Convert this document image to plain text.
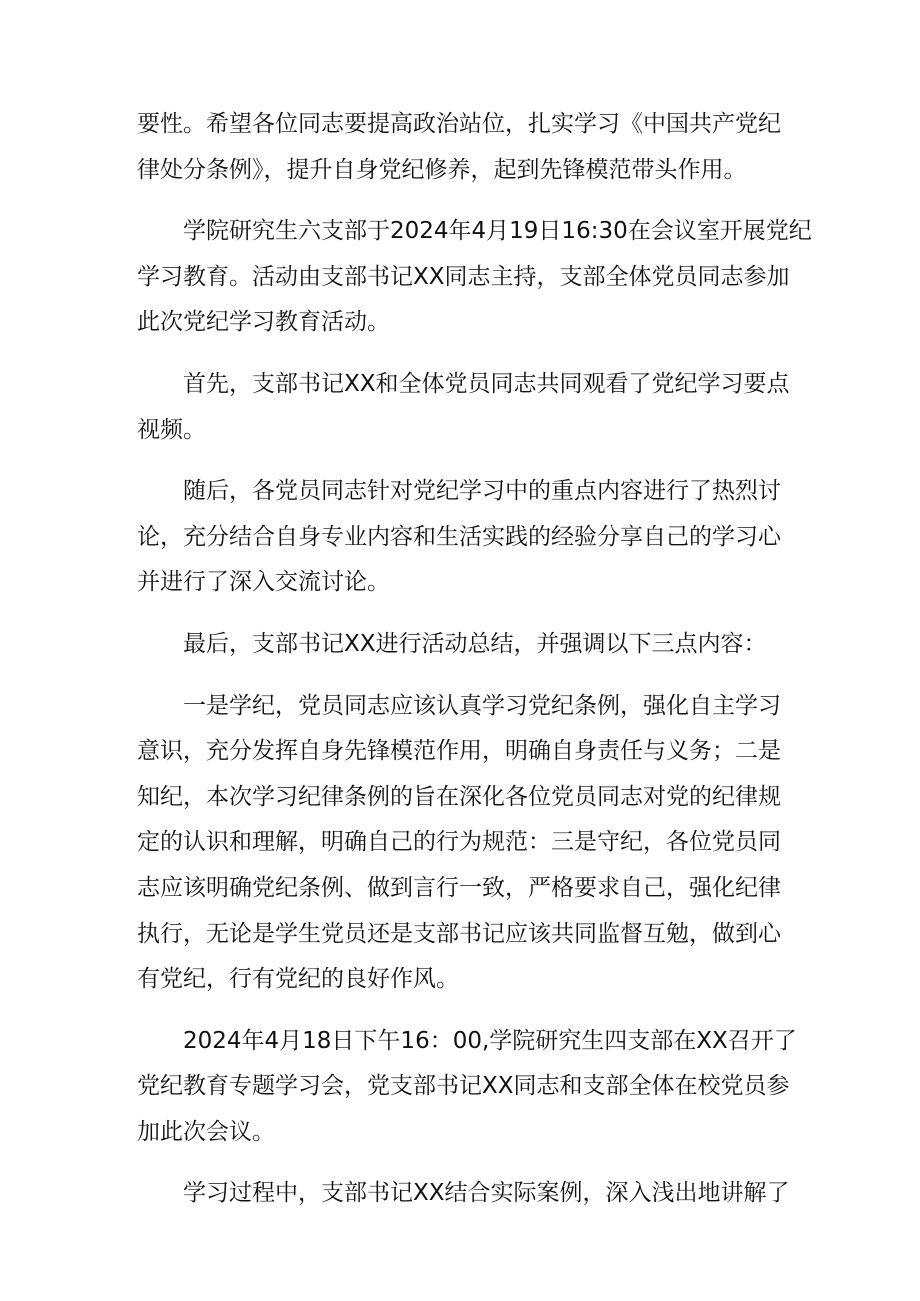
要性。希望各位同志要提高政治站位，扎实学习《中国共产党纪
律处分条例》，提升自身党纪修养，起到先锋模范带头作用。

学院研究生六支部于2024年4月19日16:30在会议室开展党纪
学习教育。活动由支部书记XX同志主持，支部全体党员同志参加
此次党纪学习教育活动。

首先，支部书记XX和全体党员同志共同观看了党纪学习要点
视频。

随后，各党员同志针对党纪学习中的重点内容进行了热烈讨
论，充分结合自身专业内容和生活实践的经验分享自己的学习心
并进行了深入交流讨论。

最后，支部书记XX进行活动总结，并强调以下三点内容：

一是学纪，党员同志应该认真学习党纪条例，强化自主学习
意识，充分发挥自身先锋模范作用，明确自身责任与义务；二是
知纪，本次学习纪律条例的旨在深化各位党员同志对党的纪律规
定的认识和理解，明确自己的行为规范：三是守纪，各位党员同
志应该明确党纪条例、做到言行一致，严格要求自己，强化纪律
执行，无论是学生党员还是支部书记应该共同监督互勉，做到心
有党纪，行有党纪的良好作风。

2024年4月18日下午16：00,学院研究生四支部在XX召开了
党纪教育专题学习会，党支部书记XX同志和支部全体在校党员参
加此次会议。

学习过程中，支部书记XX结合实际案例，深入浅出地讲解了
